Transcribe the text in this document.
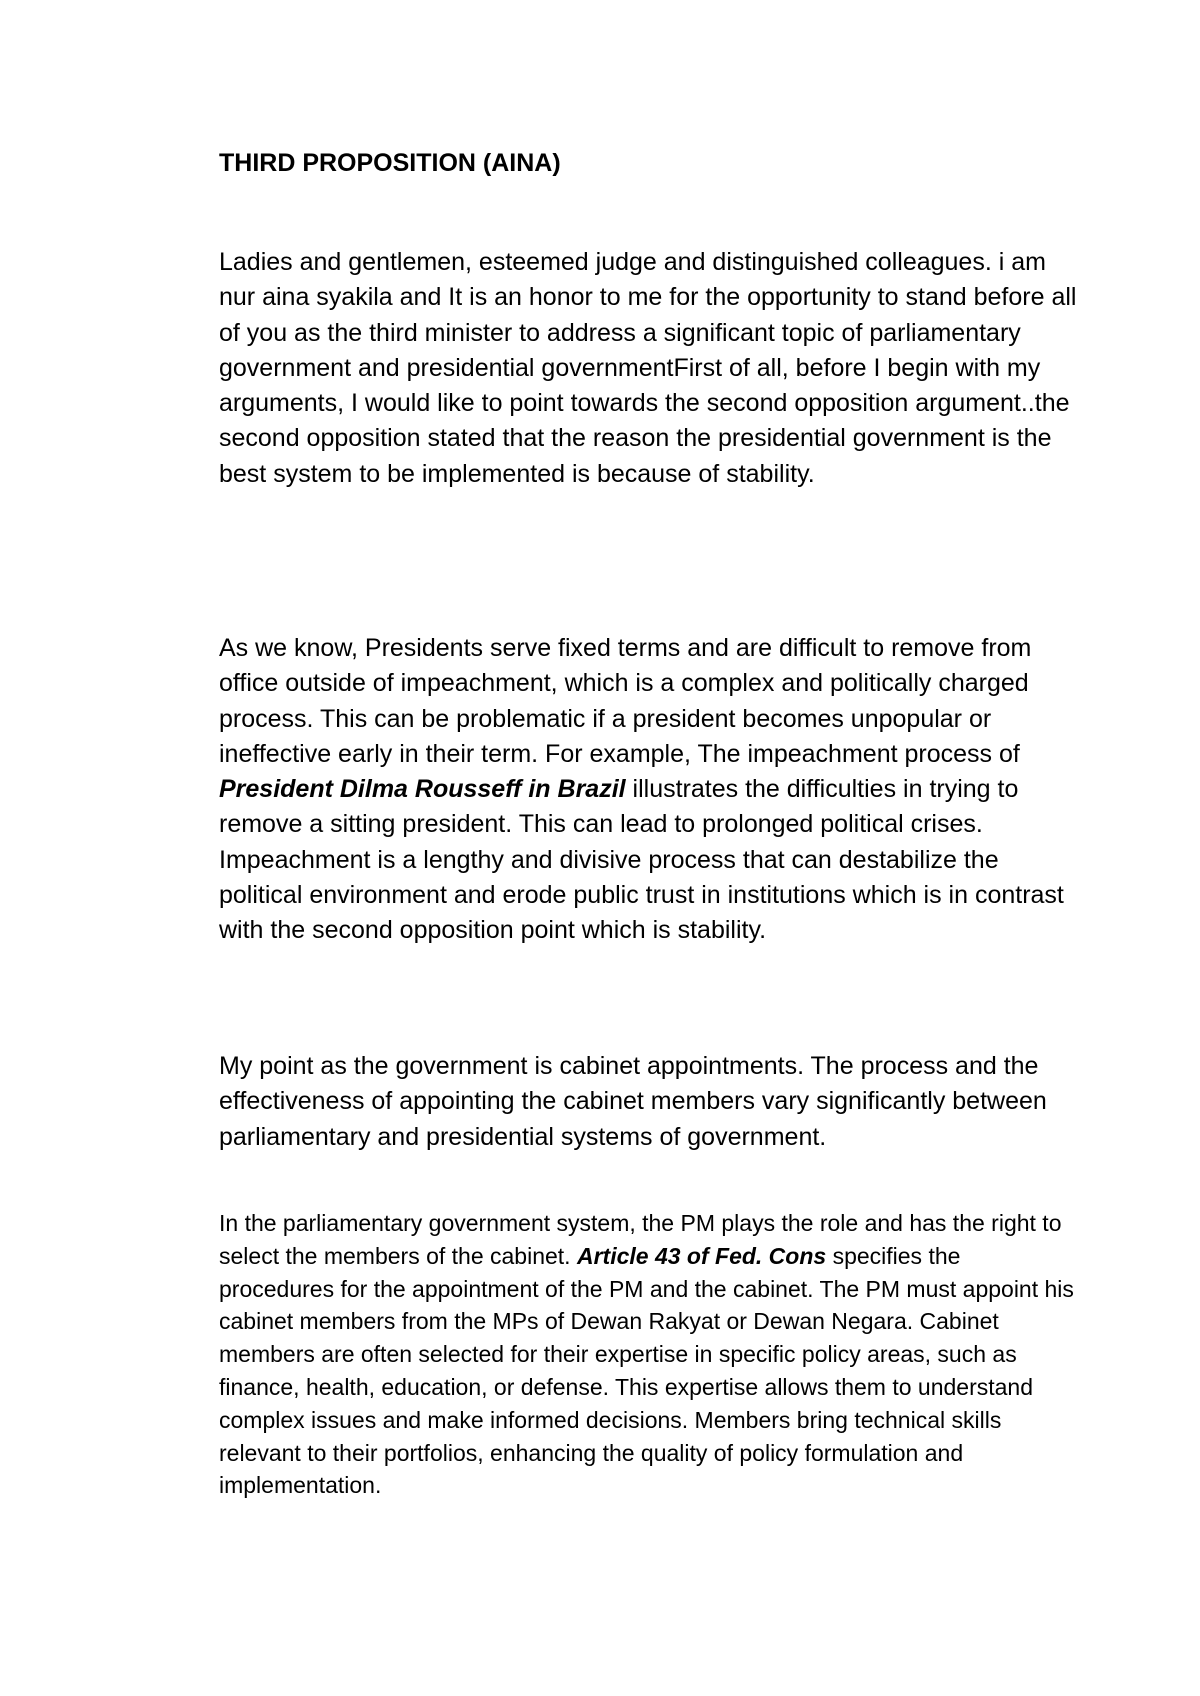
THIRD PROPOSITION (AINA)

Ladies and gentlemen, esteemed judge and distinguished colleagues. i am nur aina syakila and It is an honor to me for the opportunity to stand before all of you as the third minister to address a significant topic of parliamentary government and presidential governmentFirst of all, before I begin with my arguments, I would like to point towards the second opposition argument..the second opposition stated that the reason the presidential government is the best system to be implemented is because of stability.

As we know, Presidents serve fixed terms and are difficult to remove from office outside of impeachment, which is a complex and politically charged process. This can be problematic if a president becomes unpopular or ineffective early in their term. For example, The impeachment process of President Dilma Rousseff in Brazil illustrates the difficulties in trying to remove a sitting president. This can lead to prolonged political crises. Impeachment is a lengthy and divisive process that can destabilize the political environment and erode public trust in institutions which is in contrast with the second opposition point which is stability.

My point as the government is cabinet appointments. The process and the effectiveness of appointing the cabinet members vary significantly between parliamentary and presidential systems of government.

In the parliamentary government system, the PM plays the role and has the right to select the members of the cabinet. Article 43 of Fed. Cons specifies the procedures for the appointment of the PM and the cabinet. The PM must appoint his cabinet members from the MPs of Dewan Rakyat or Dewan Negara. Cabinet members are often selected for their expertise in specific policy areas, such as finance, health, education, or defense. This expertise allows them to understand complex issues and make informed decisions. Members bring technical skills relevant to their portfolios, enhancing the quality of policy formulation and implementation.
